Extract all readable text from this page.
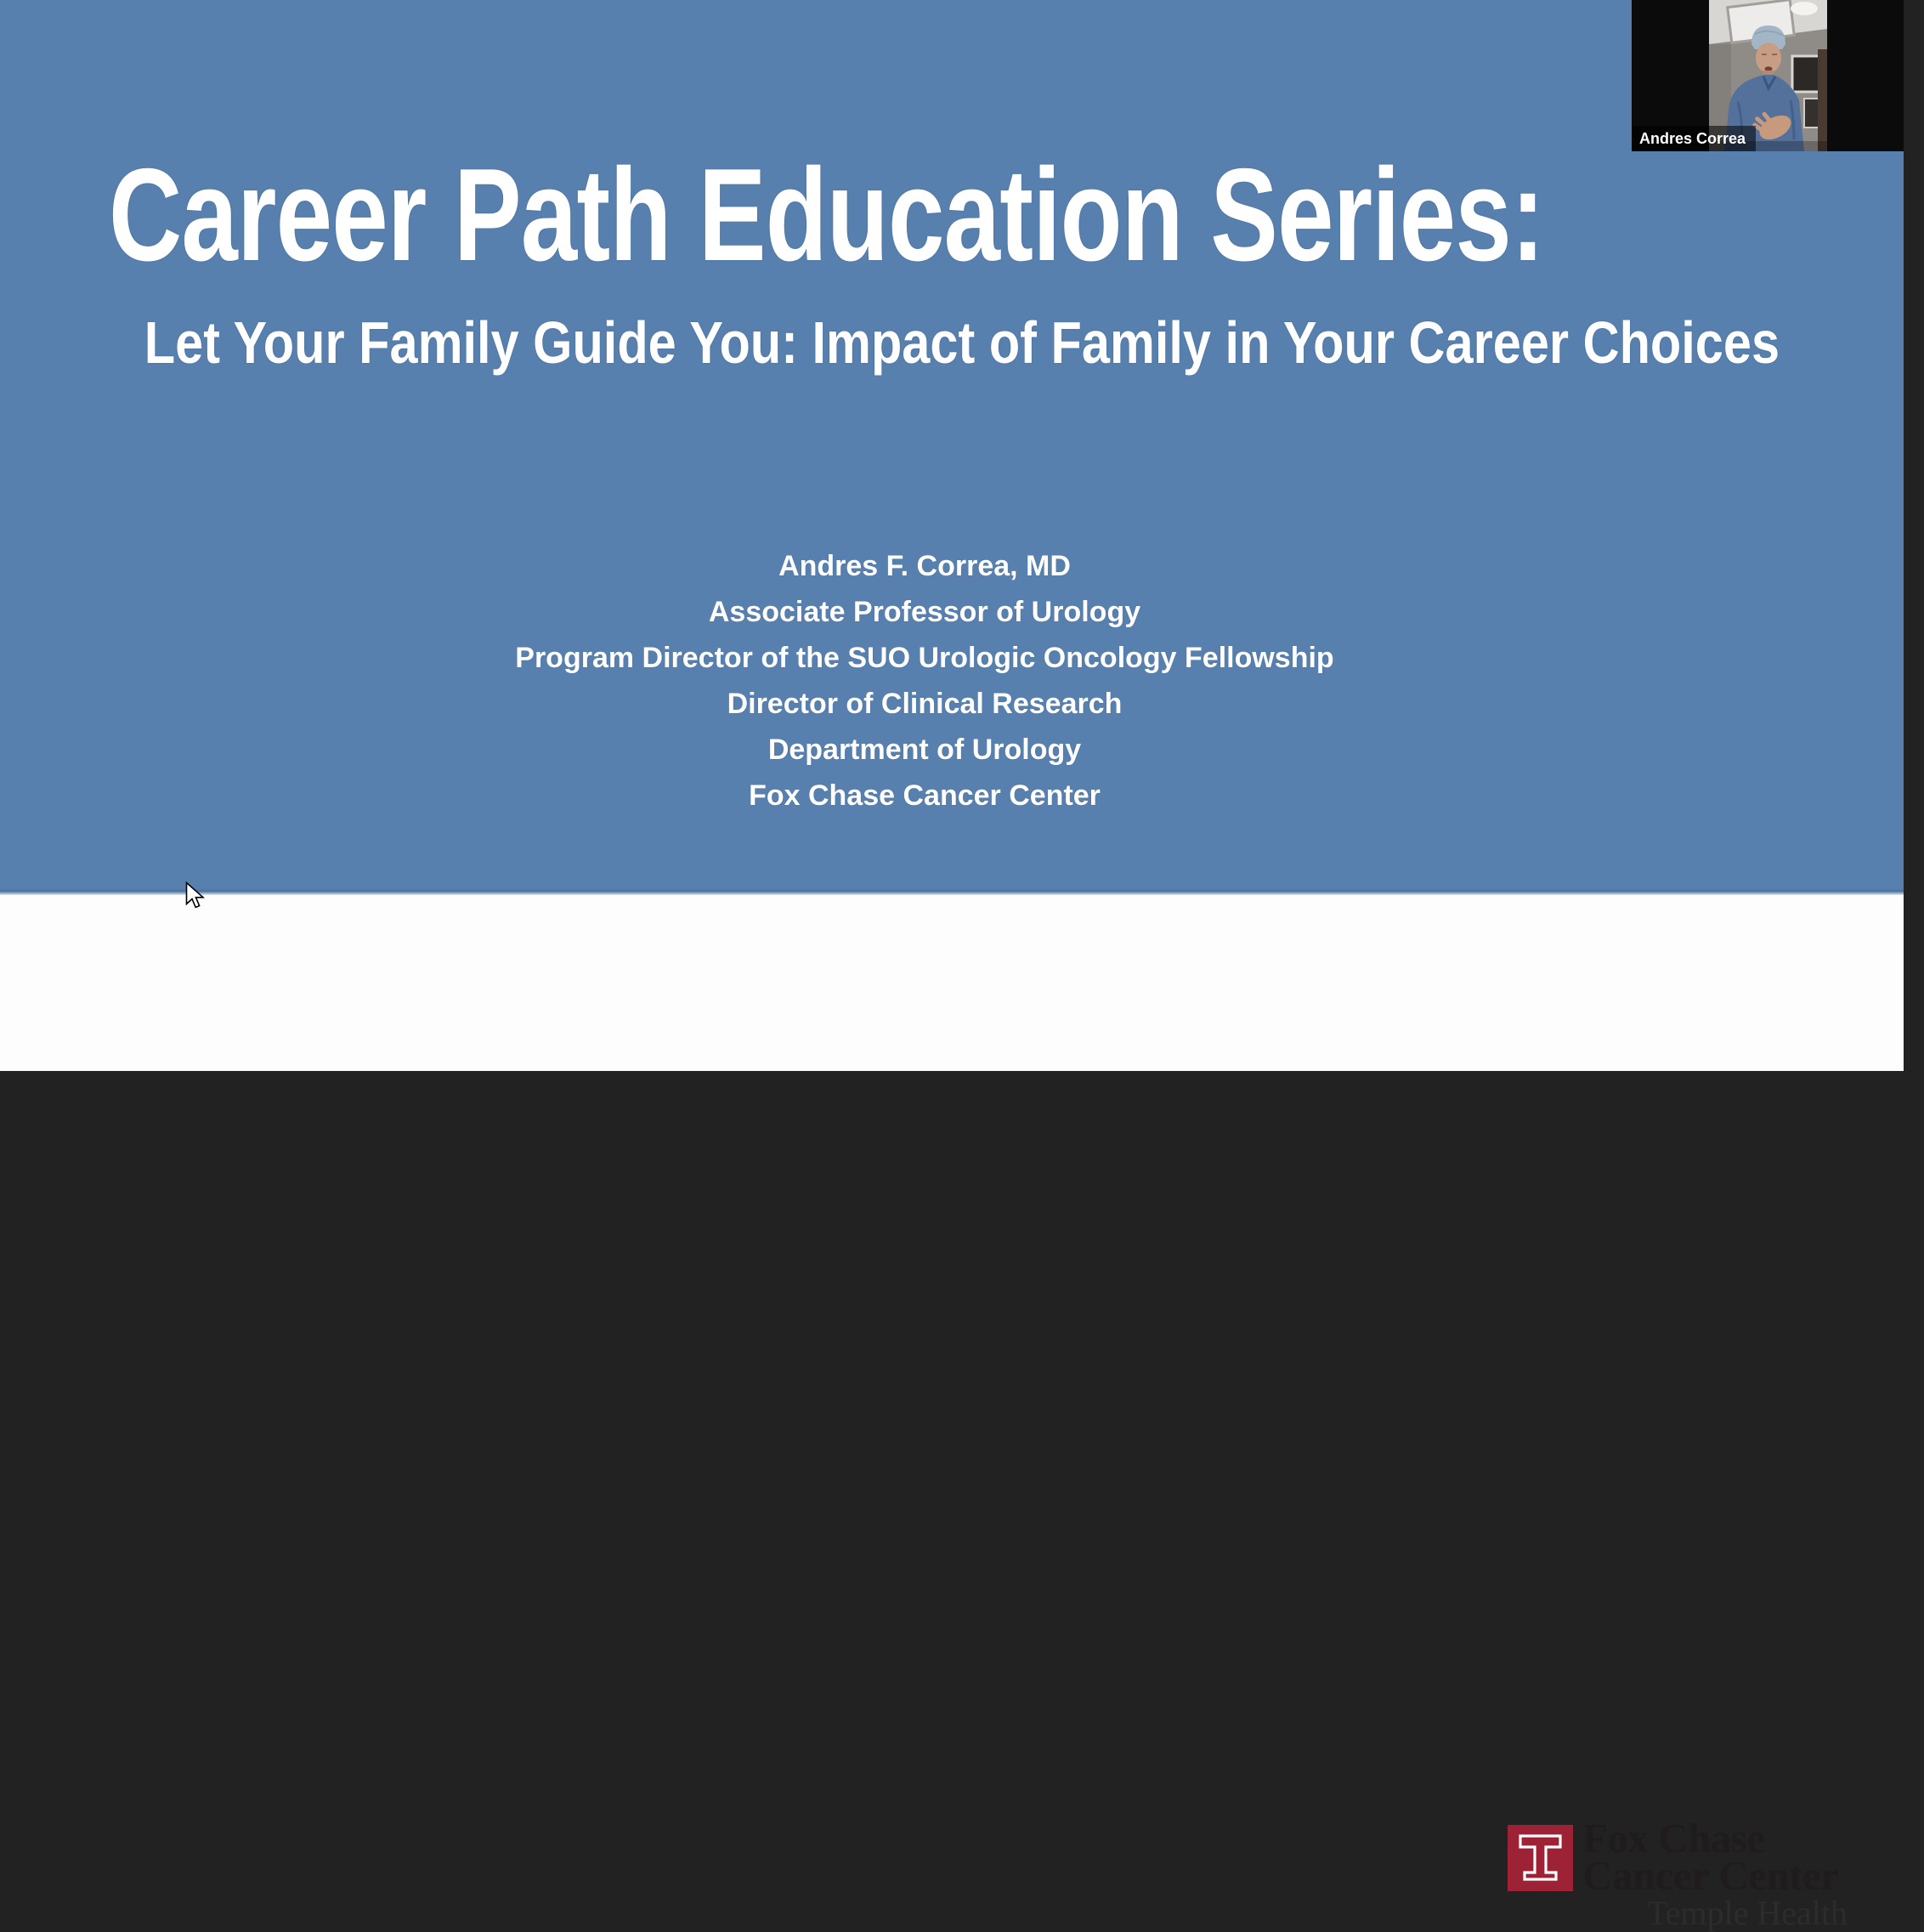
Career Path Education Series:
Let Your Family Guide You: Impact of Family in Your Career Choices
Andres F. Correa, MD
Associate Professor of Urology
Program Director of the SUO Urologic Oncology Fellowship
Director of Clinical Research
Department of Urology
Fox Chase Cancer Center
Fox Chase
Cancer Center
Temple Health
Andres Correa
